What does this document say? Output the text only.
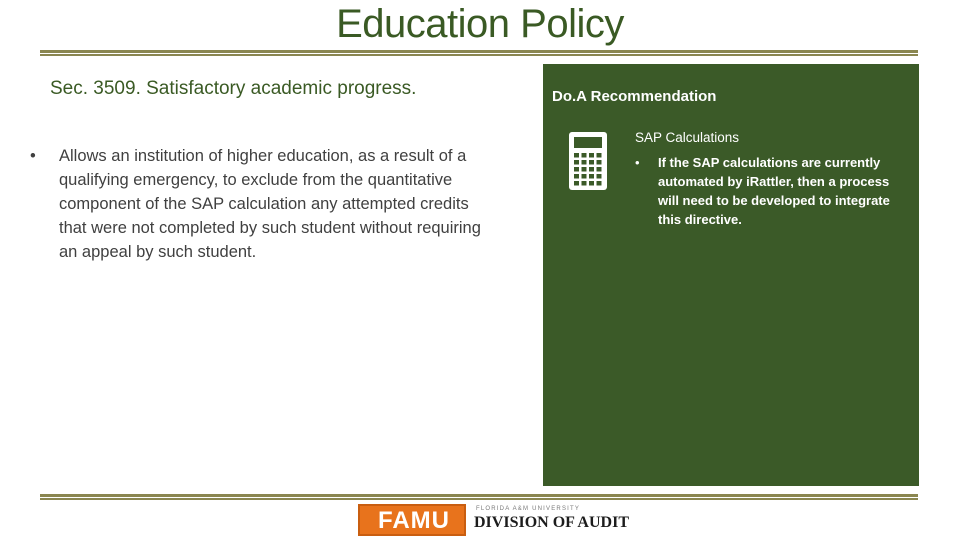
Education Policy
Sec. 3509. Satisfactory academic progress.
• Allows an institution of higher education, as a result of a qualifying emergency, to exclude from the quantitative component of the SAP calculation any attempted credits that were not completed by such student without requiring an appeal by such student.
Do.A Recommendation
SAP Calculations
• If the SAP calculations are currently automated by iRattler, then a process will need to be developed to integrate this directive.
FAMU	FLORIDA A&M UNIVERSITY
DIVISION OF AUDIT
